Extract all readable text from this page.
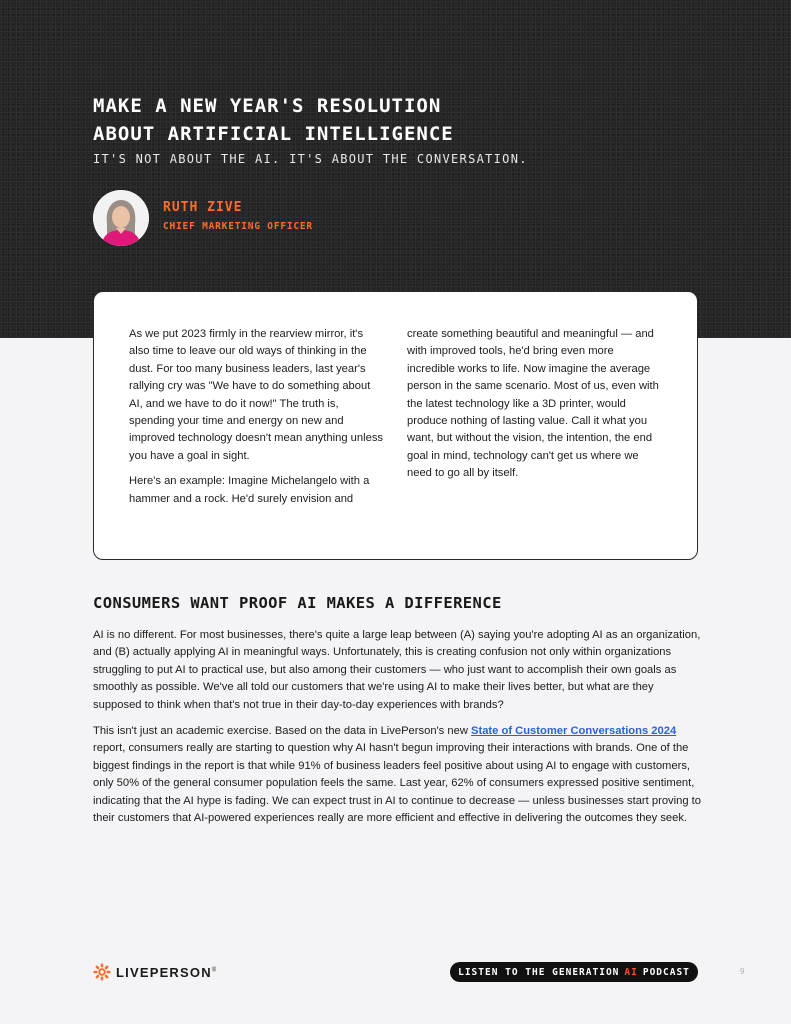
MAKE A NEW YEAR'S RESOLUTION
ABOUT ARTIFICIAL INTELLIGENCE
IT'S NOT ABOUT THE AI. IT'S ABOUT THE CONVERSATION.
RUTH ZIVE
CHIEF MARKETING OFFICER

As we put 2023 firmly in the rearview mirror, it's also time to leave our old ways of thinking in the dust. For too many business leaders, last year's rallying cry was "We have to do something about AI, and we have to do it now!" The truth is, spending your time and energy on new and improved technology doesn't mean anything unless you have a goal in sight.

Here's an example: Imagine Michelangelo with a hammer and a rock. He'd surely envision and

create something beautiful and meaningful — and with improved tools, he'd bring even more incredible works to life. Now imagine the average person in the same scenario. Most of us, even with the latest technology like a 3D printer, would produce nothing of lasting value. Call it what you want, but without the vision, the intention, the end goal in mind, technology can't get us where we need to go all by itself.

CONSUMERS WANT PROOF AI MAKES A DIFFERENCE

AI is no different. For most businesses, there's quite a large leap between (A) saying you're adopting AI as an organization, and (B) actually applying AI in meaningful ways. Unfortunately, this is creating confusion not only within organizations struggling to put AI to practical use, but also among their customers — who just want to accomplish their own goals as smoothly as possible. We've all told our customers that we're using AI to make their lives better, but what are they supposed to think when that's not true in their day-to-day experiences with brands?

This isn't just an academic exercise. Based on the data in LivePerson's new State of Customer Conversations 2024 report, consumers really are starting to question why AI hasn't begun improving their interactions with brands. One of the biggest findings in the report is that while 91% of business leaders feel positive about using AI to engage with customers, only 50% of the general consumer population feels the same. Last year, 62% of consumers expressed positive sentiment, indicating that the AI hype is fading. We can expect trust in AI to continue to decrease — unless businesses start proving to their customers that AI-powered experiences really are more efficient and effective in delivering the outcomes they seek.

LIVEPERSON®	LISTEN TO THE GENERATION AI PODCAST	9
